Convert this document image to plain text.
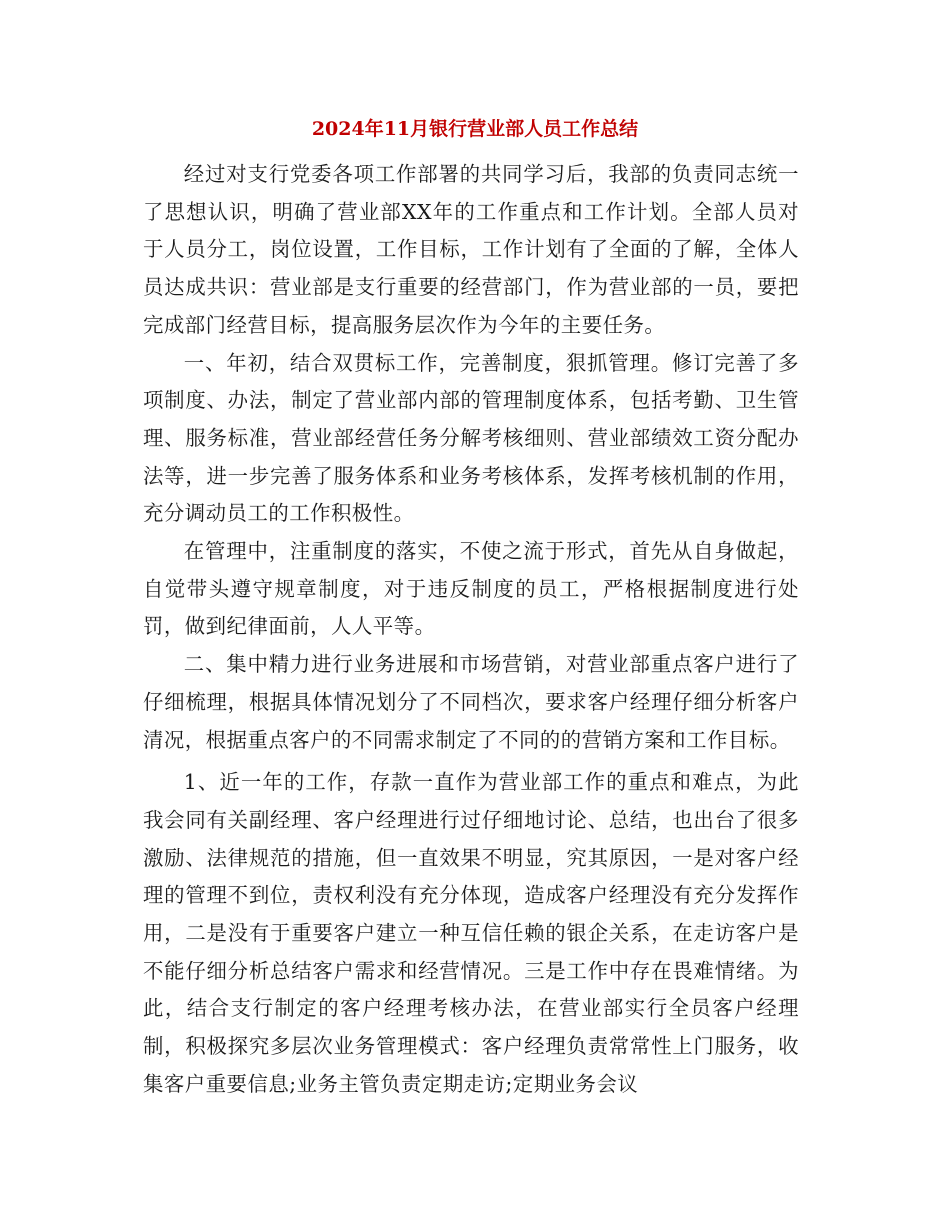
2024年11月银行营业部人员工作总结

经过对支行党委各项工作部署的共同学习后，我部的负责同志统一了思想认识，明确了营业部XX年的工作重点和工作计划。全部人员对于人员分工，岗位设置，工作目标，工作计划有了全面的了解，全体人员达成共识：营业部是支行重要的经营部门，作为营业部的一员，要把完成部门经营目标，提高服务层次作为今年的主要任务。

一、年初，结合双贯标工作，完善制度，狠抓管理。修订完善了多项制度、办法，制定了营业部内部的管理制度体系，包括考勤、卫生管理、服务标准，营业部经营任务分解考核细则、营业部绩效工资分配办法等，进一步完善了服务体系和业务考核体系，发挥考核机制的作用，充分调动员工的工作积极性。

在管理中，注重制度的落实，不使之流于形式，首先从自身做起，自觉带头遵守规章制度，对于违反制度的员工，严格根据制度进行处罚，做到纪律面前，人人平等。

二、集中精力进行业务进展和市场营销，对营业部重点客户进行了仔细梳理，根据具体情况划分了不同档次，要求客户经理仔细分析客户清况，根据重点客户的不同需求制定了不同的的营销方案和工作目标。

1、近一年的工作，存款一直作为营业部工作的重点和难点，为此我会同有关副经理、客户经理进行过仔细地讨论、总结，也出台了很多激励、法律规范的措施，但一直效果不明显，究其原因，一是对客户经理的管理不到位，责权利没有充分体现，造成客户经理没有充分发挥作用，二是没有于重要客户建立一种互信任赖的银企关系，在走访客户是不能仔细分析总结客户需求和经营情况。三是工作中存在畏难情绪。为此，结合支行制定的客户经理考核办法，在营业部实行全员客户经理制，积极探究多层次业务管理模式：客户经理负责常常性上门服务，收集客户重要信息;业务主管负责定期走访;定期业务会议
